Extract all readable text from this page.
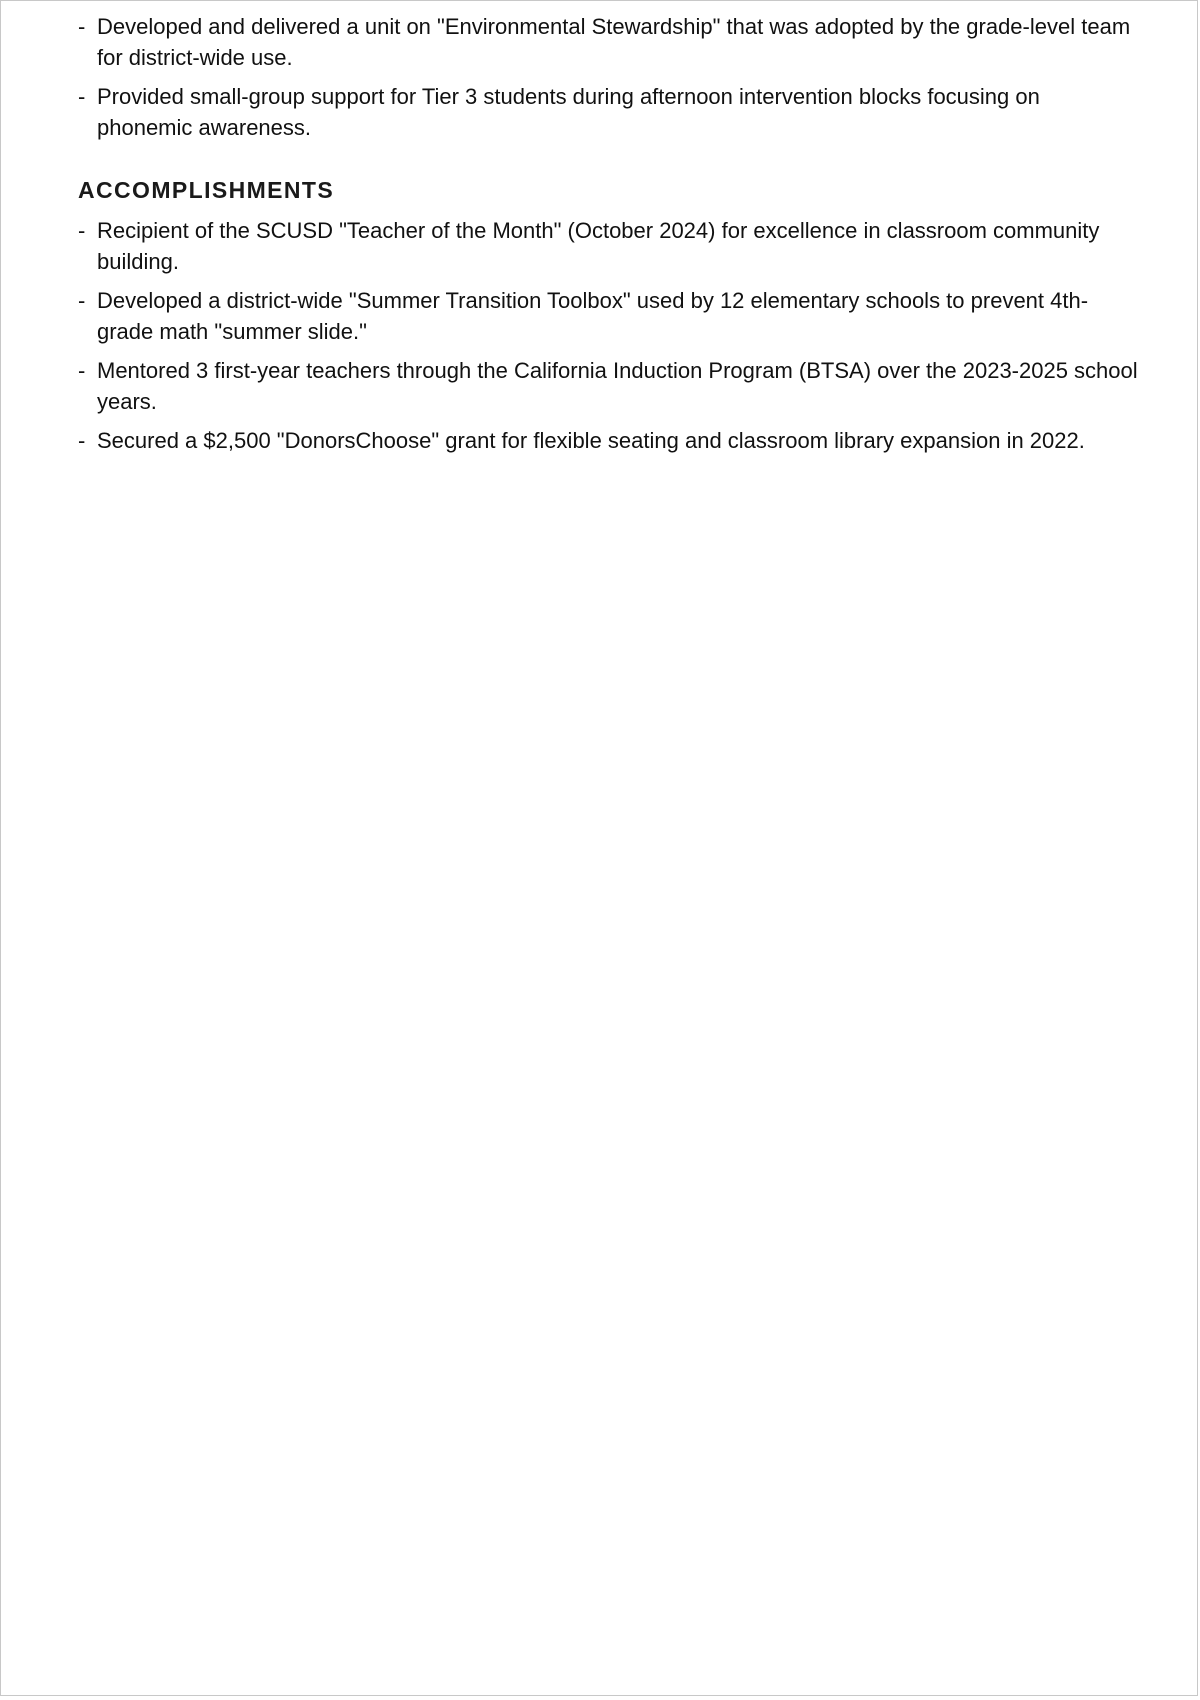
- Developed and delivered a unit on "Environmental Stewardship" that was adopted by the grade-level team for district-wide use.
- Provided small-group support for Tier 3 students during afternoon intervention blocks focusing on phonemic awareness.
ACCOMPLISHMENTS
- Recipient of the SCUSD "Teacher of the Month" (October 2024) for excellence in classroom community building.
- Developed a district-wide "Summer Transition Toolbox" used by 12 elementary schools to prevent 4th-grade math "summer slide."
- Mentored 3 first-year teachers through the California Induction Program (BTSA) over the 2023-2025 school years.
- Secured a $2,500 "DonorsChoose" grant for flexible seating and classroom library expansion in 2022.
